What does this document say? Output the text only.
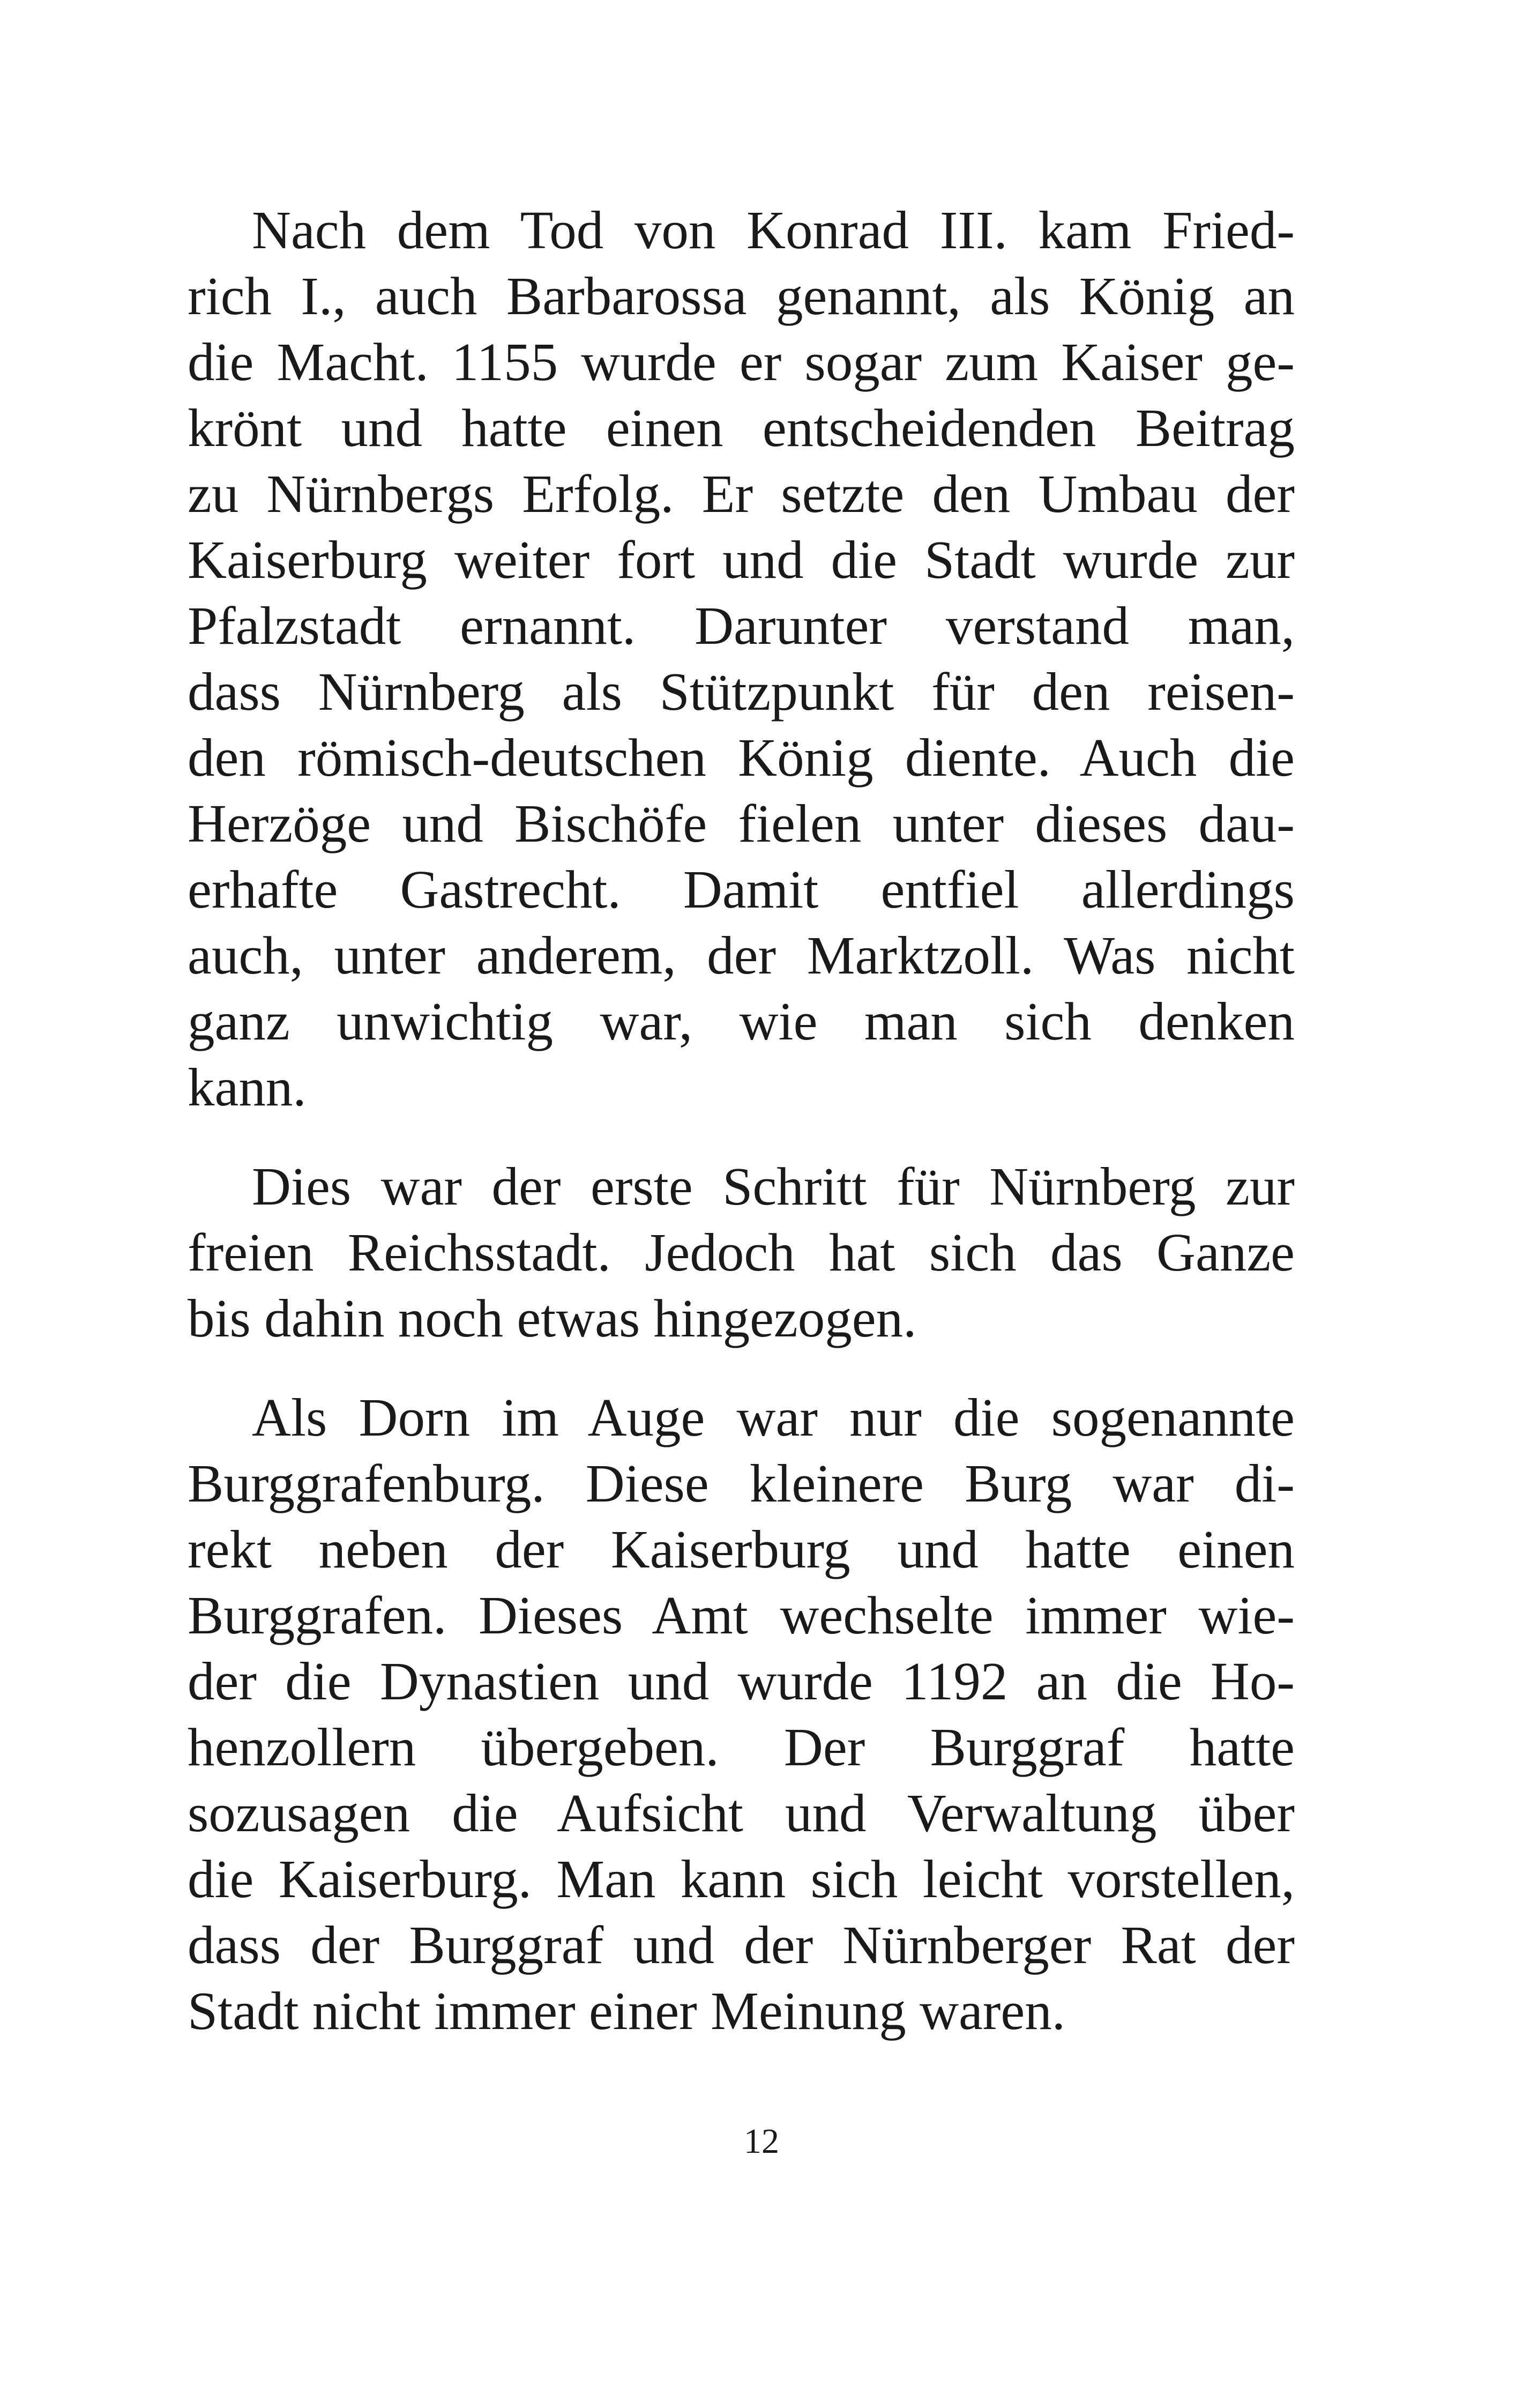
Nach dem Tod von Konrad III. kam Fried-
rich I., auch Barbarossa genannt, als König an
die Macht. 1155 wurde er sogar zum Kaiser ge-
krönt und hatte einen entscheidenden Beitrag
zu Nürnbergs Erfolg. Er setzte den Umbau der
Kaiserburg weiter fort und die Stadt wurde zur
Pfalzstadt ernannt. Darunter verstand man,
dass Nürnberg als Stützpunkt für den reisen-
den römisch-deutschen König diente. Auch die
Herzöge und Bischöfe fielen unter dieses dau-
erhafte Gastrecht. Damit entfiel allerdings
auch, unter anderem, der Marktzoll. Was nicht
ganz unwichtig war, wie man sich denken
kann.
Dies war der erste Schritt für Nürnberg zur
freien Reichsstadt. Jedoch hat sich das Ganze
bis dahin noch etwas hingezogen.
Als Dorn im Auge war nur die sogenannte
Burggrafenburg. Diese kleinere Burg war di-
rekt neben der Kaiserburg und hatte einen
Burggrafen. Dieses Amt wechselte immer wie-
der die Dynastien und wurde 1192 an die Ho-
henzollern übergeben. Der Burggraf hatte
sozusagen die Aufsicht und Verwaltung über
die Kaiserburg. Man kann sich leicht vorstellen,
dass der Burggraf und der Nürnberger Rat der
Stadt nicht immer einer Meinung waren.
12
